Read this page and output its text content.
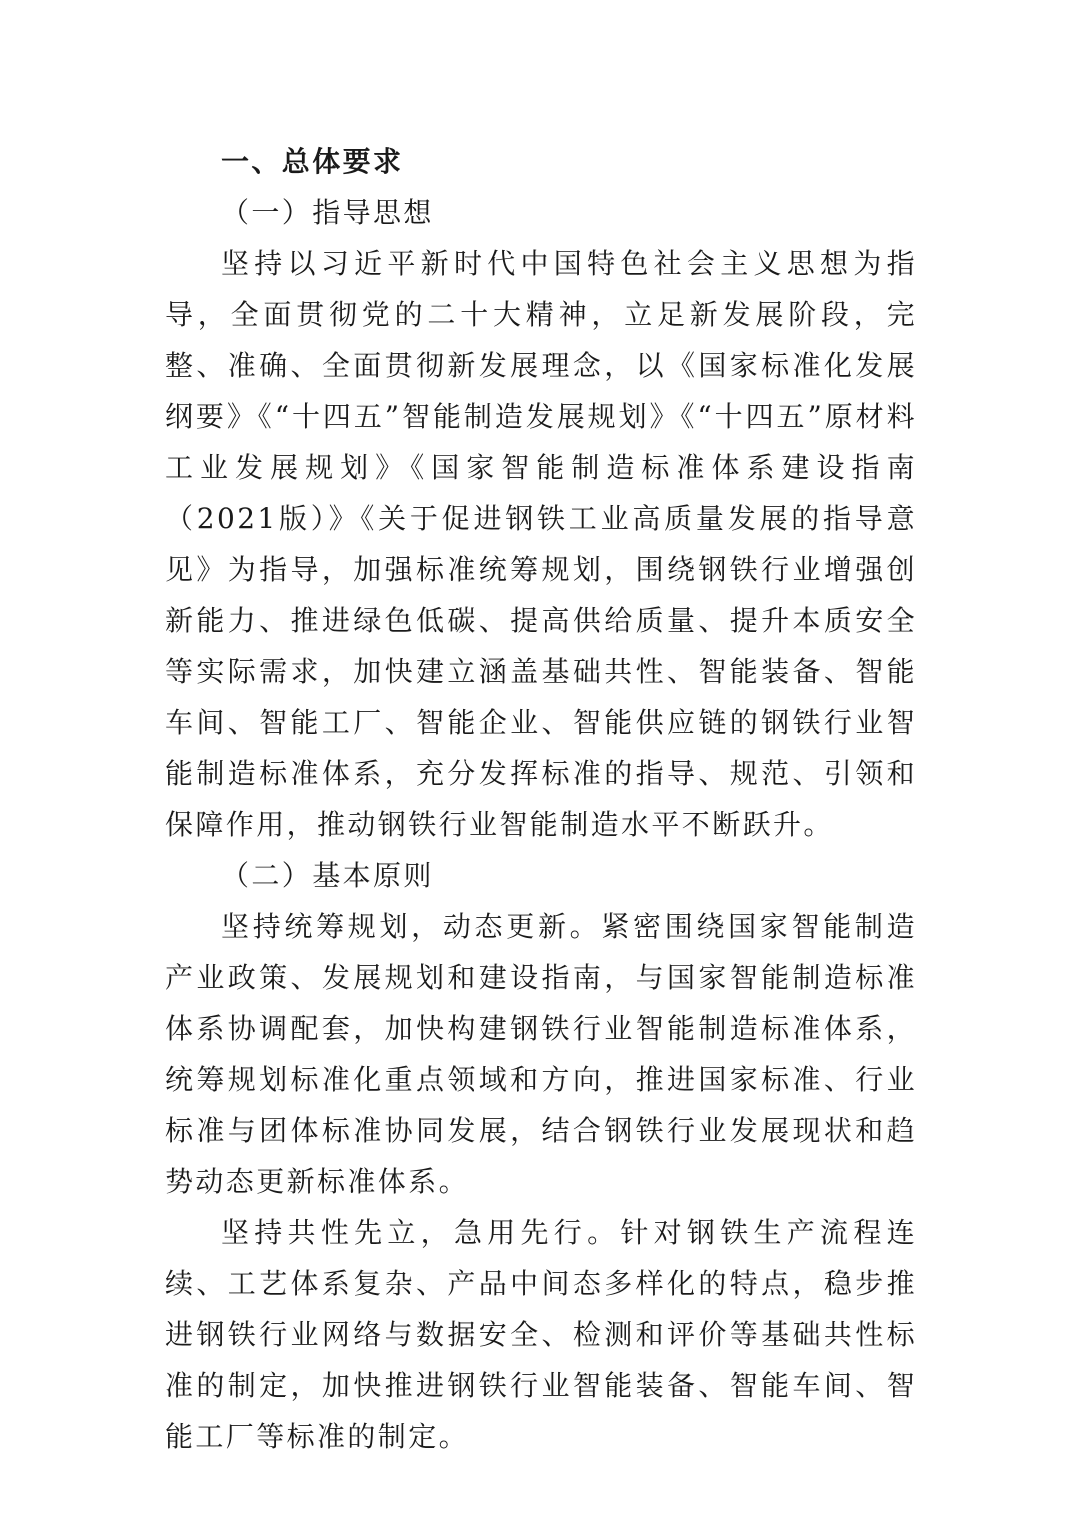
一、总体要求
（一）指导思想

坚持以习近平新时代中国特色社会主义思想为指导，全面贯彻党的二十大精神，立足新发展阶段，完整、准确、全面贯彻新发展理念，以《国家标准化发展纲要》《“十四五”智能制造发展规划》《“十四五”原材料工业发展规划》《国家智能制造标准体系建设指南（2021版）》《关于促进钢铁工业高质量发展的指导意见》为指导，加强标准统筹规划，围绕钢铁行业增强创新能力、推进绿色低碳、提高供给质量、提升本质安全等实际需求，加快建立涵盖基础共性、智能装备、智能车间、智能工厂、智能企业、智能供应链的钢铁行业智能制造标准体系，充分发挥标准的指导、规范、引领和保障作用，推动钢铁行业智能制造水平不断跃升。

（二）基本原则

坚持统筹规划，动态更新。紧密围绕国家智能制造产业政策、发展规划和建设指南，与国家智能制造标准体系协调配套，加快构建钢铁行业智能制造标准体系，统筹规划标准化重点领域和方向，推进国家标准、行业标准与团体标准协同发展，结合钢铁行业发展现状和趋势动态更新标准体系。

坚持共性先立，急用先行。针对钢铁生产流程连续、工艺体系复杂、产品中间态多样化的特点，稳步推进钢铁行业网络与数据安全、检测和评价等基础共性标准的制定，加快推进钢铁行业智能装备、智能车间、智能工厂等标准的制定。
